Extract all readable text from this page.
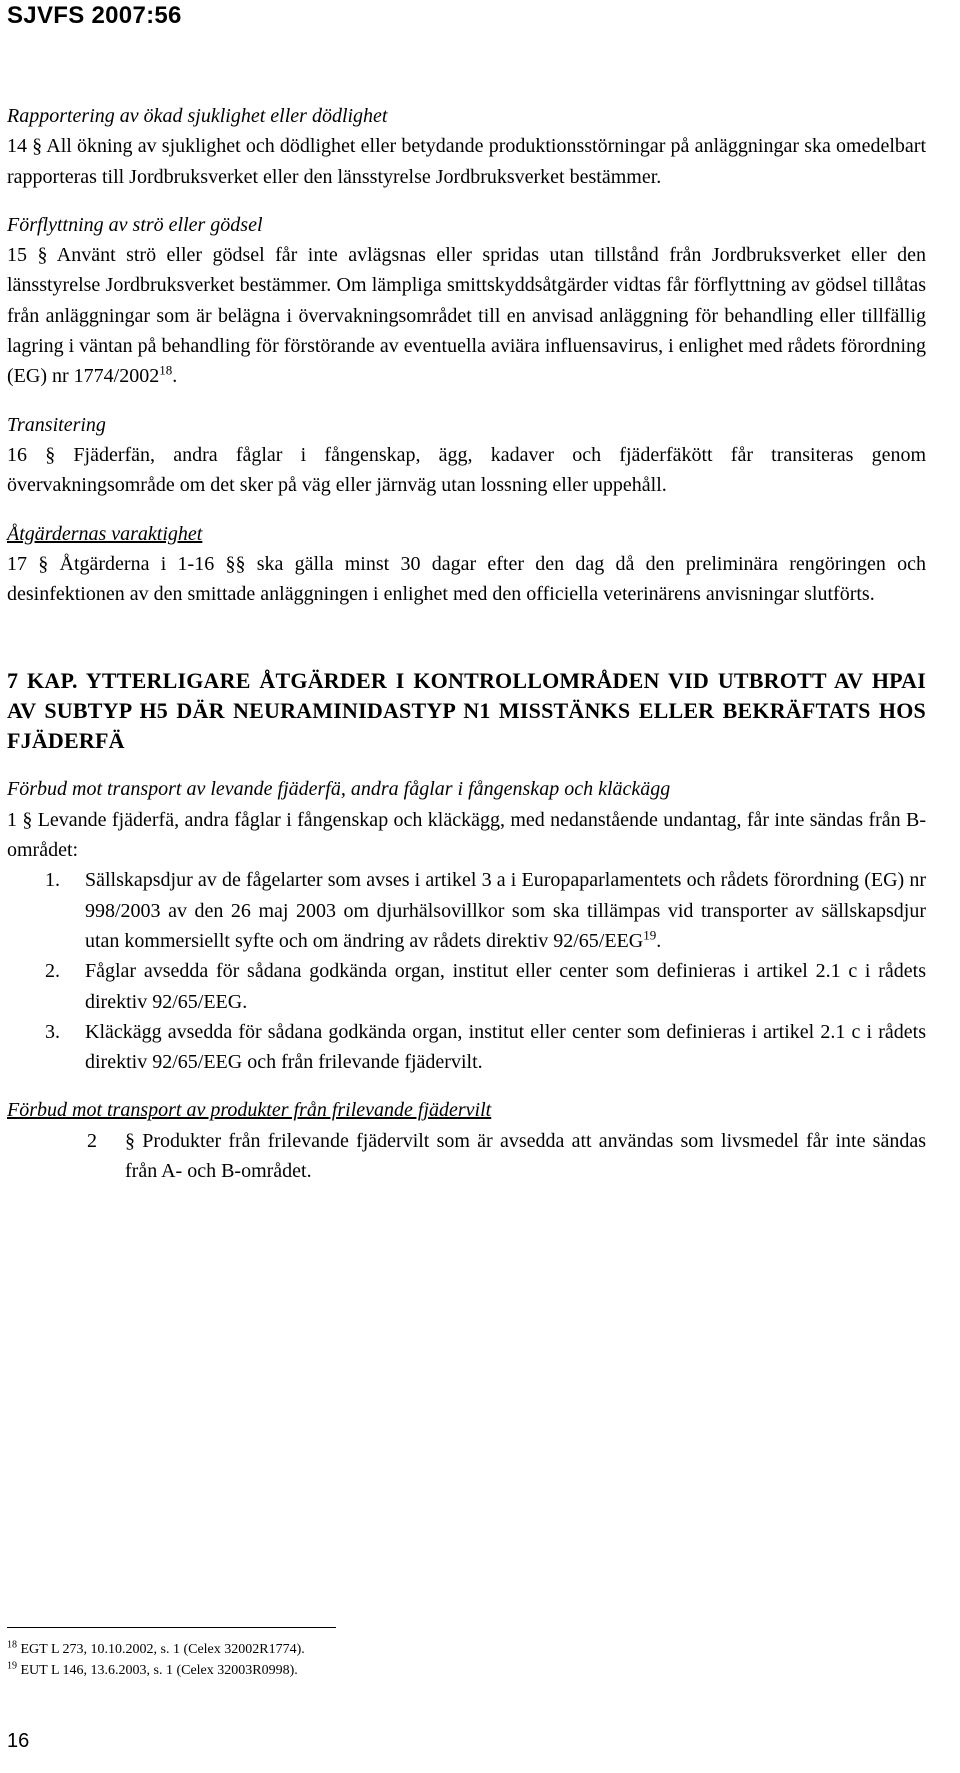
SJVFS 2007:56

Rapportering av ökad sjuklighet eller dödlighet

14 § All ökning av sjuklighet och dödlighet eller betydande produktionsstörningar på anläggningar ska omedelbart rapporteras till Jordbruksverket eller den länsstyrelse Jordbruksverket bestämmer.

Förflyttning av strö eller gödsel

15 § Använt strö eller gödsel får inte avlägsnas eller spridas utan tillstånd från Jordbruksverket eller den länsstyrelse Jordbruksverket bestämmer. Om lämpliga smittskyddsåtgärder vidtas får förflyttning av gödsel tillåtas från anläggningar som är belägna i övervakningsområdet till en anvisad anläggning för behandling eller tillfällig lagring i väntan på behandling för förstörande av eventuella aviära influensavirus, i enlighet med rådets förordning (EG) nr 1774/2002$^{18}$.

Transitering

16 § Fjäderfän, andra fåglar i fångenskap, ägg, kadaver och fjäderfäkött får transiteras genom övervakningsområde om det sker på väg eller järnväg utan lossning eller uppehåll.

Åtgärdernas varaktighet

17 § Åtgärderna i 1-16 §§ ska gälla minst 30 dagar efter den dag då den preliminära rengöringen och desinfektionen av den smittade anläggningen i enlighet med den officiella veterinärens anvisningar slutförts.

7 KAP. YTTERLIGARE ÅTGÄRDER I KONTROLLOMRÅDEN VID UTBROTT AV HPAI AV SUBTYP H5 DÄR NEURAMINIDASTYP N1 MISSTÄNKS ELLER BEKRÄFTATS HOS FJÄDERFÄ

Förbud mot transport av levande fjäderfä, andra fåglar i fångenskap och kläckägg

1 § Levande fjäderfä, andra fåglar i fångenskap och kläckägg, med nedanstående undantag, får inte sändas från B-området:

1.	Sällskapsdjur av de fågelarter som avses i artikel 3 a i Europaparlamentets och rådets förordning (EG) nr 998/2003 av den 26 maj 2003 om djurhälsovillkor som ska tillämpas vid transporter av sällskapsdjur utan kommersiellt syfte och om ändring av rådets direktiv 92/65/EEG$^{19}$.
2.	Fåglar avsedda för sådana godkända organ, institut eller center som definieras i artikel 2.1 c i rådets direktiv 92/65/EEG.
3.	Kläckägg avsedda för sådana godkända organ, institut eller center som definieras i artikel 2.1 c i rådets direktiv 92/65/EEG och från frilevande fjädervilt.

Förbud mot transport av produkter från frilevande fjädervilt

2	§ Produkter från frilevande fjädervilt som är avsedda att användas som livsmedel får inte sändas från A- och B-området.
$^{18}$ EGT L 273, 10.10.2002, s. 1 (Celex 32002R1774).
$^{19}$ EUT L 146, 13.6.2003, s. 1 (Celex 32003R0998).
16
